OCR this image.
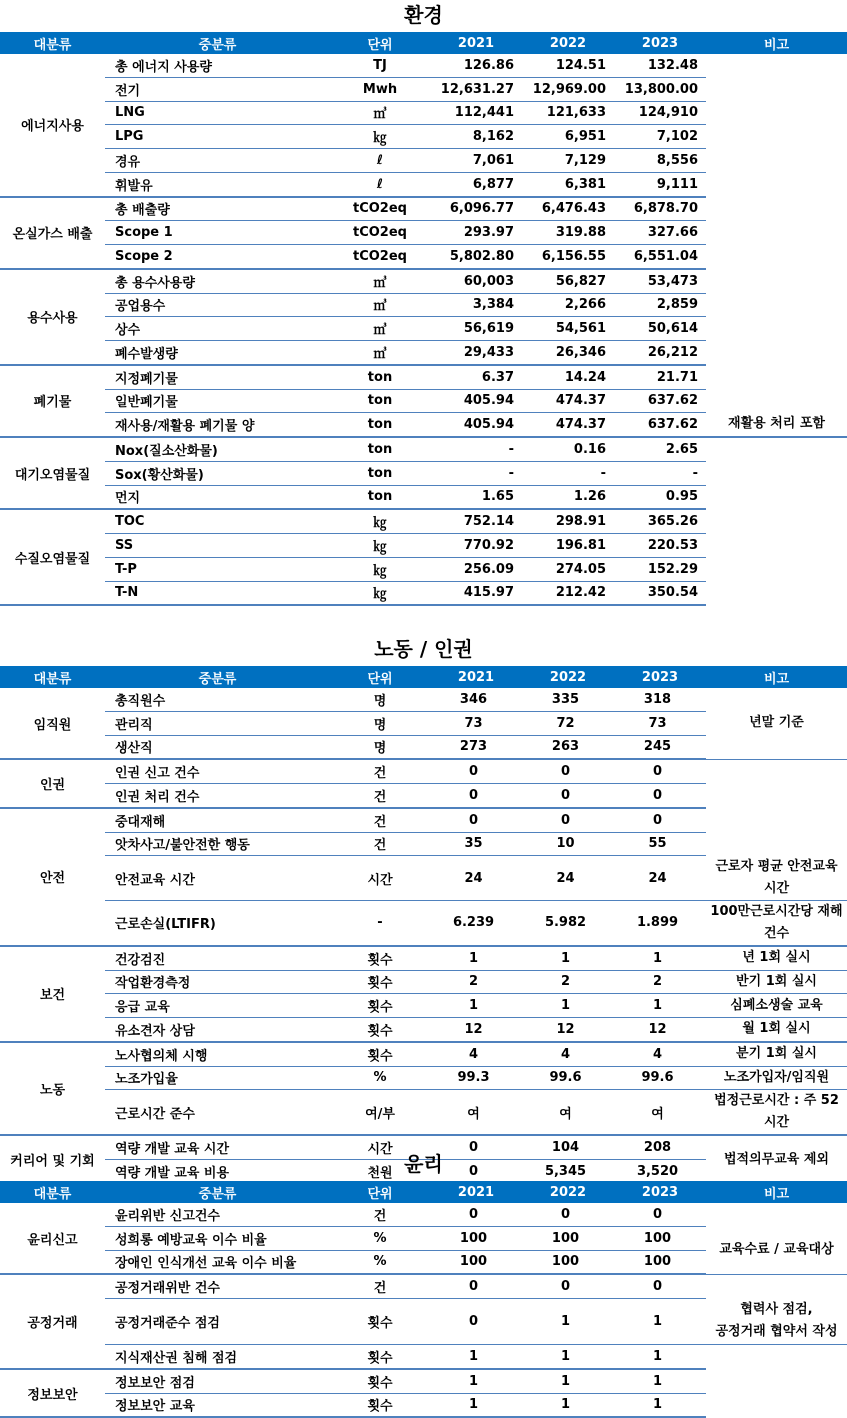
환경
대분류	중분류	단위	2021	2022	2023	비고
에너지사용	총 에너지 사용량	TJ	126.86	124.51	132.48	
	전기	Mwh	12,631.27	12,969.00	13,800.00	
	LNG	㎥	112,441	121,633	124,910	
	LPG	㎏	8,162	6,951	7,102	
	경유	ℓ	7,061	7,129	8,556	
	휘발유	ℓ	6,877	6,381	9,111	
온실가스 배출	총 배출량	tCO2eq	6,096.77	6,476.43	6,878.70	
	Scope 1	tCO2eq	293.97	319.88	327.66	
	Scope 2	tCO2eq	5,802.80	6,156.55	6,551.04	
용수사용	총 용수사용량	㎥	60,003	56,827	53,473	
	공업용수	㎥	3,384	2,266	2,859	
	상수	㎥	56,619	54,561	50,614	
	폐수발생량	㎥	29,433	26,346	26,212	
폐기물	지정폐기물	ton	6.37	14.24	21.71	
	일반폐기물	ton	405.94	474.37	637.62	
	재사용/재활용 폐기물 양	ton	405.94	474.37	637.62	재활용 처리 포함
대기오염물질	Nox(질소산화물)	ton	-	0.16	2.65	
	Sox(황산화물)	ton	-	-	-	
	먼지	ton	1.65	1.26	0.95	
수질오염물질	TOC	㎏	752.14	298.91	365.26	
	SS	㎏	770.92	196.81	220.53	
	T-P	㎏	256.09	274.05	152.29	
	T-N	㎏	415.97	212.42	350.54	
노동 / 인권
대분류	중분류	단위	2021	2022	2023	비고
임직원	총직원수	명	346	335	318	년말 기준
	관리직	명	73	72	73	
	생산직	명	273	263	245	
인권	인권 신고 건수	건	0	0	0	
	인권 처리 건수	건	0	0	0	
안전	중대재해	건	0	0	0	
	앗차사고/불안전한 행동	건	35	10	55	
	안전교육 시간	시간	24	24	24	근로자 평균 안전교육 시간
	근로손실(LTIFR)	-	6.239	5.982	1.899	100만근로시간당 재해건수
보건	건강검진	횟수	1	1	1	년 1회 실시
	작업환경측정	횟수	2	2	2	반기 1회 실시
	응급 교육	횟수	1	1	1	심폐소생술 교육
	유소견자 상담	횟수	12	12	12	월 1회 실시
노동	노사협의체 시행	횟수	4	4	4	분기 1회 실시
	노조가입율	%	99.3	99.6	99.6	노조가입자/임직원
	근로시간 준수	여/부	여	여	여	법정근로시간 : 주 52시간
커리어 및 기회	역량 개발 교육 시간	시간	0	104	208	법적의무교육 제외
	역량 개발 교육 비용	천원	0	5,345	3,520	
윤리
대분류	중분류	단위	2021	2022	2023	비고
윤리신고	윤리위반 신고건수	건	0	0	0	
	성희롱 예방교육 이수 비율	%	100	100	100	교육수료 / 교육대상
	장애인 인식개선 교육 이수 비율	%	100	100	100	
공정거래	공정거래위반 건수	건	0	0	0	
	공정거래준수 점검	횟수	0	1	1	협력사 점검,
공정거래 협약서 작성
	지식재산권 침해 점검	횟수	1	1	1	
정보보안	정보보안 점검	횟수	1	1	1	
	정보보안 교육	횟수	1	1	1	
